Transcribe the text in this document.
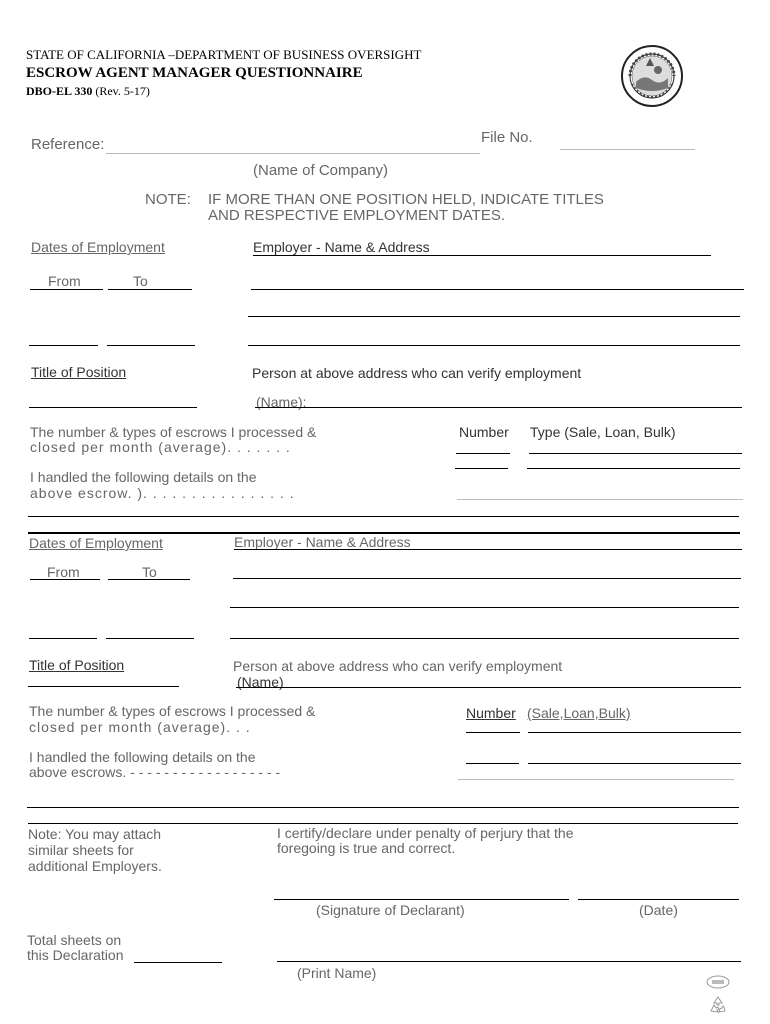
STATE OF CALIFORNIA –DEPARTMENT OF BUSINESS OVERSIGHT
ESCROW AGENT MANAGER QUESTIONNAIRE
DBO-EL 330 (Rev. 5-17)
Reference:	File No.
(Name of Company)
NOTE: IF MORE THAN ONE POSITION HELD, INDICATE TITLES
AND RESPECTIVE EMPLOYMENT DATES.
Dates of Employment	Employer - Name & Address
From	To
Title of Position	Person at above address who can verify employment
(Name):
The number & types of escrows I processed &
closed per month (average). . . . . . .
Number Type (Sale, Loan, Bulk)
I handled the following details on the
above escrow. ). . . . . . . . . . . . . . . .
Dates of Employment	Employer - Name & Address
From	To
Title of Position	Person at above address who can verify employment
(Name)
The number & types of escrows I processed &
closed per month (average). . .
Number (Sale,Loan,Bulk)
I handled the following details on the
above escrows. - - - - - - - - - - - - - - - - - -
Note: You may attach
similar sheets for
additional Employers.
I certify/declare under penalty of perjury that the
foregoing is true and correct.
(Signature of Declarant)	(Date)
Total sheets on
this Declaration
(Print Name)
